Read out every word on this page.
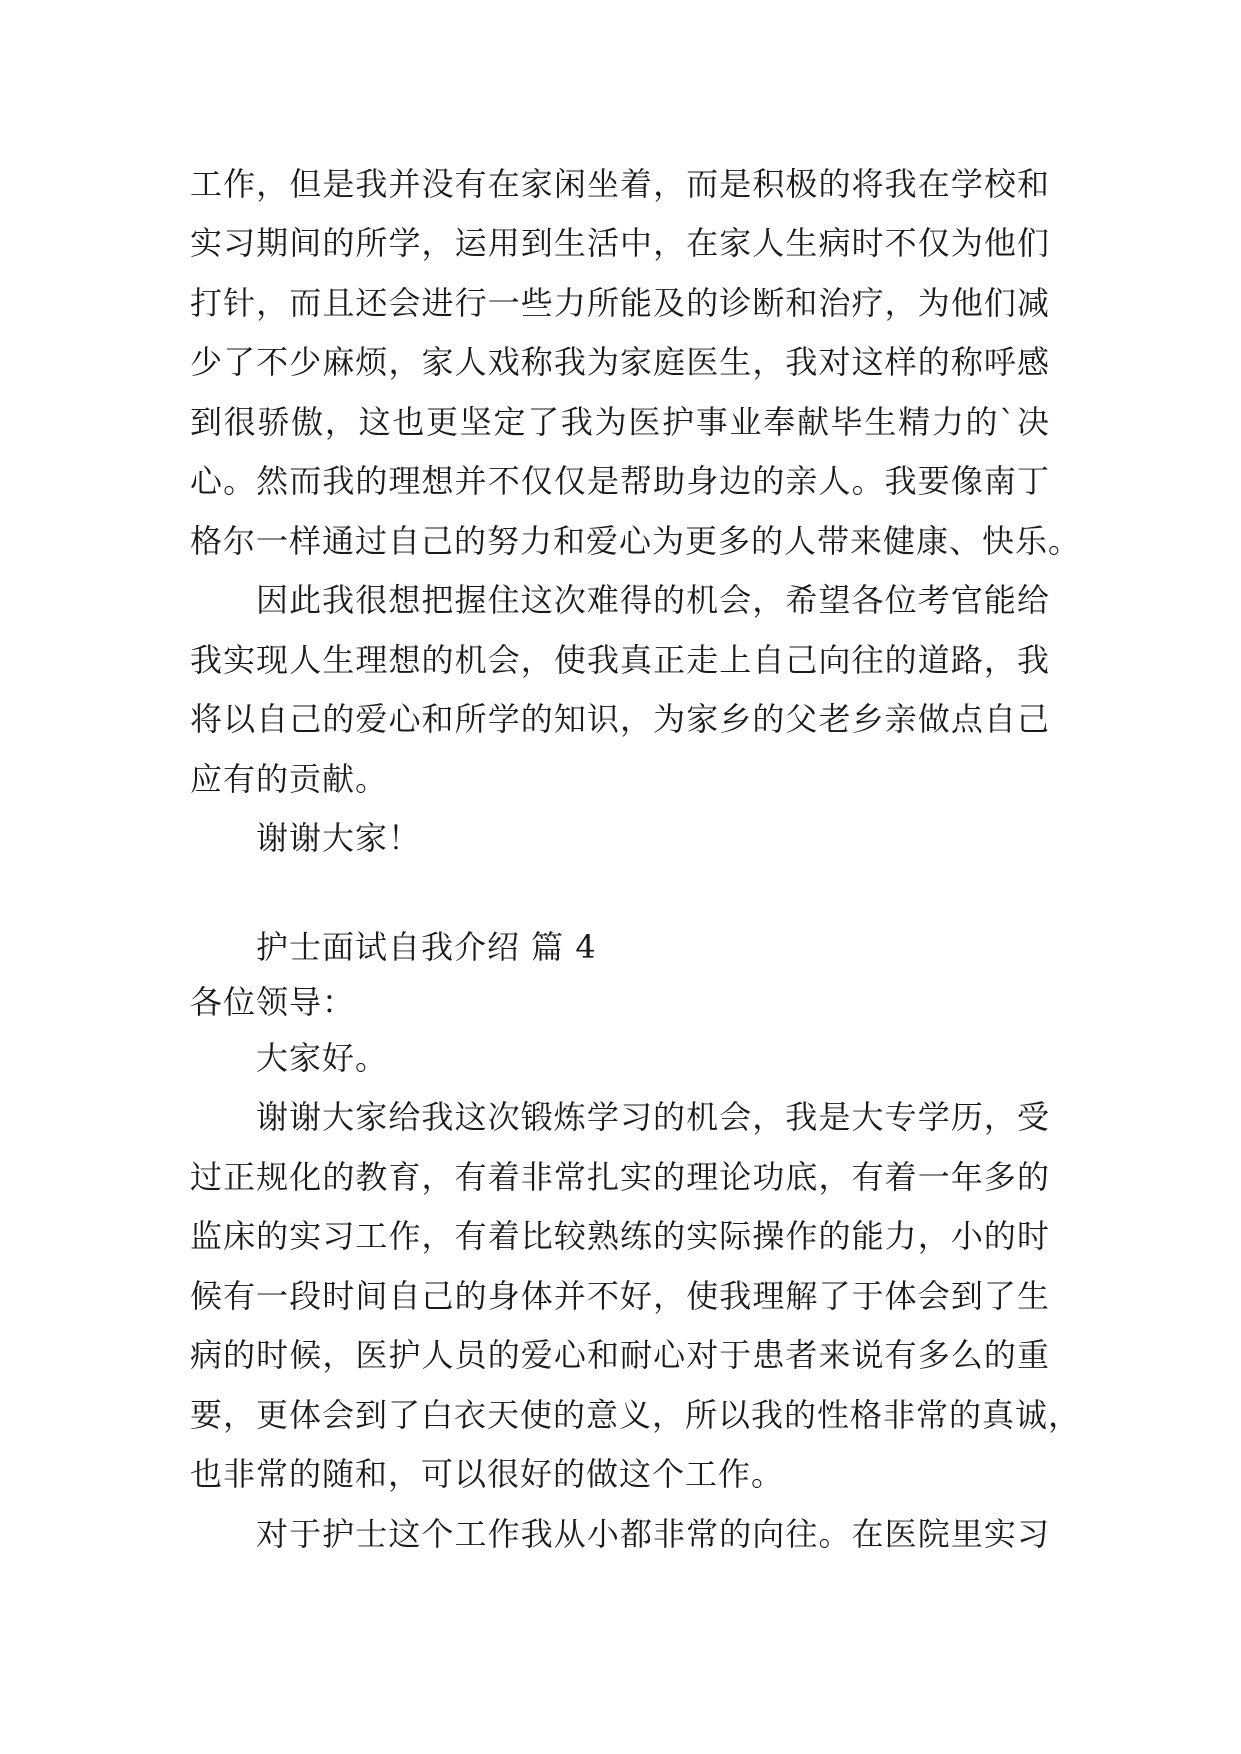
工作，但是我并没有在家闲坐着，而是积极的将我在学校和
实习期间的所学，运用到生活中，在家人生病时不仅为他们
打针，而且还会进行一些力所能及的诊断和治疗，为他们减
少了不少麻烦，家人戏称我为家庭医生，我对这样的称呼感
到很骄傲，这也更坚定了我为医护事业奉献毕生精力的`决
心。然而我的理想并不仅仅是帮助身边的亲人。我要像南丁
格尔一样通过自己的努力和爱心为更多的人带来健康、快乐。
因此我很想把握住这次难得的机会，希望各位考官能给
我实现人生理想的机会，使我真正走上自己向往的道路，我
将以自己的爱心和所学的知识，为家乡的父老乡亲做点自己
应有的贡献。
谢谢大家！
护士面试自我介绍 篇 4
各位领导：
大家好。
谢谢大家给我这次锻炼学习的机会，我是大专学历，受
过正规化的教育，有着非常扎实的理论功底，有着一年多的
监床的实习工作，有着比较熟练的实际操作的能力，小的时
候有一段时间自己的身体并不好，使我理解了于体会到了生
病的时候，医护人员的爱心和耐心对于患者来说有多么的重
要，更体会到了白衣天使的意义，所以我的性格非常的真诚，
也非常的随和，可以很好的做这个工作。
对于护士这个工作我从小都非常的向往。在医院里实习
